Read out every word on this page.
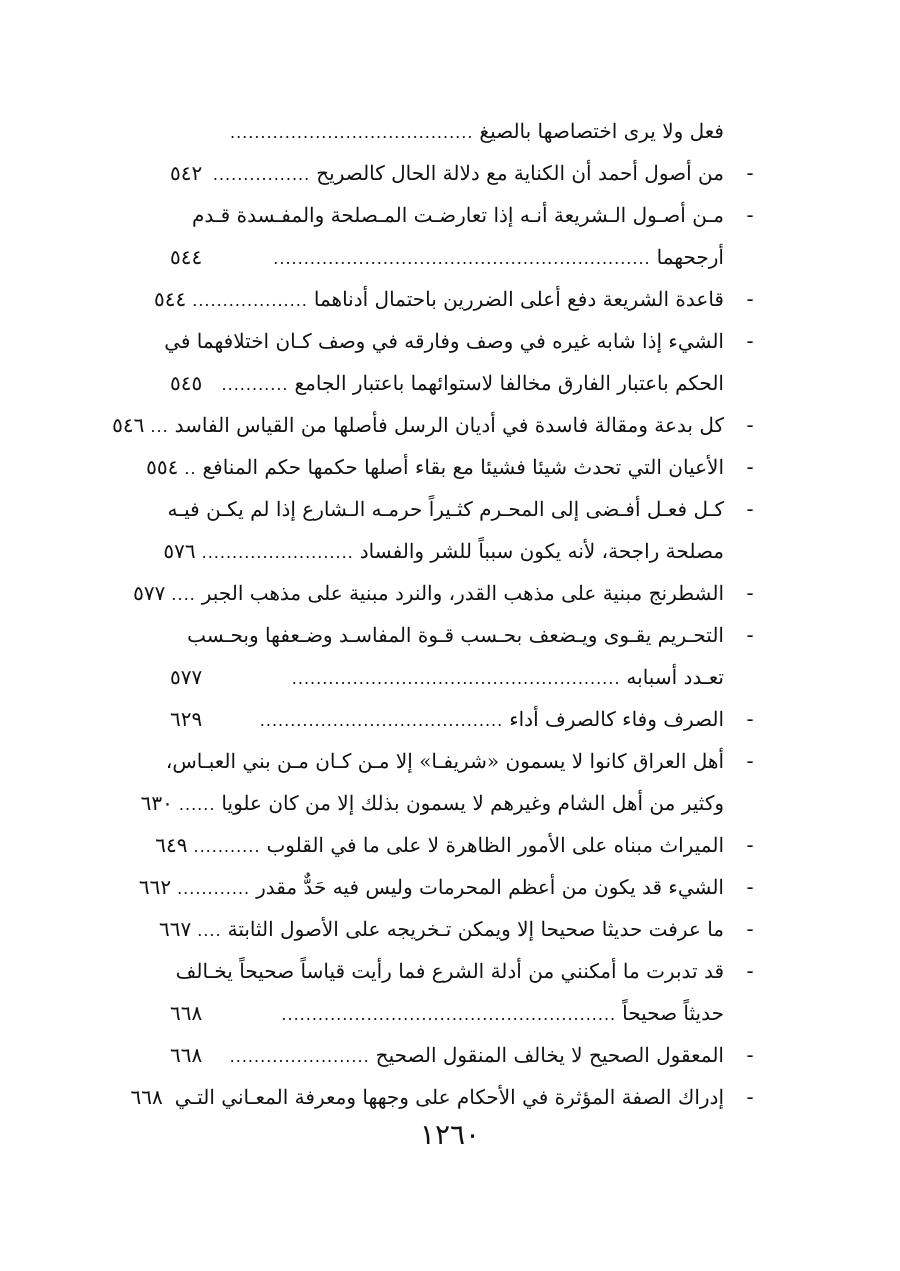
فعل ولا يرى اختصاصها بالصيغ
........................................
-
من أصول أحمد أن الكناية مع دلالة الحال كالصريح
................
٥٤٢
-
مـن أصـول الـشريعة أنـه إذا تعارضـت المـصلحة والمفـسدة قـدم
أرجحهما
..............................................................
٥٤٤
-
قاعدة الشريعة دفع أعلى الضررين باحتمال أدناهما
...................
٥٤٤
-
الشيء إذا شابه غيره في وصف وفارقه في وصف كـان اختلافهما في
الحكم باعتبار الفارق مخالفا لاستوائهما باعتبار الجامع
...........
٥٤٥
-
كل بدعة ومقالة فاسدة في أديان الرسل فأصلها من القياس الفاسد
...
٥٤٦
-
الأعيان التي تحدث شيئا فشيئا مع بقاء أصلها حكمها حكم المنافع
..
٥٥٤
-
كـل فعـل أفـضى إلى المحـرم كثـيراً حرمـه الـشارع إذا لم يكـن فيـه
مصلحة راجحة، لأنه يكون سبباً للشر والفساد
.........................
٥٧٦
-
الشطرنج مبنية على مذهب القدر، والنرد مبنية على مذهب الجبر
....
٥٧٧
-
التحـريم يقـوى ويـضعف بحـسب قـوة المفاسـد وضـعفها وبحـسب
تعـدد أسبابه
......................................................
٥٧٧
-
الصرف وفاء كالصرف أداء
........................................
٦٢٩
-
أهل العراق كانوا لا يسمون «شريفـا» إلا مـن كـان مـن بني العبـاس،
وكثير من أهل الشام وغيرهم لا يسمون بذلك إلا من كان علويا
......
٦٣٠
-
الميراث مبناه على الأمور الظاهرة لا على ما في القلوب
...........
٦٤٩
-
الشيء قد يكون من أعظم المحرمات وليس فيه حَدٌّ مقدر
............
٦٦٢
-
ما عرفت حديثا صحيحا إلا ويمكن تـخريجه على الأصول الثابتة
....
٦٦٧
-
قد تدبرت ما أمكنني من أدلة الشرع فما رأيت قياساً صحيحاً يخـالف
حديثاً صحيحاً
.......................................................
٦٦٨
-
المعقول الصحيح لا يخالف المنقول الصحيح
.......................
٦٦٨
-
إدراك الصفة المؤثرة في الأحكام على وجهها ومعرفة المعـاني التـي
٦٦٨
١٢٦٠
